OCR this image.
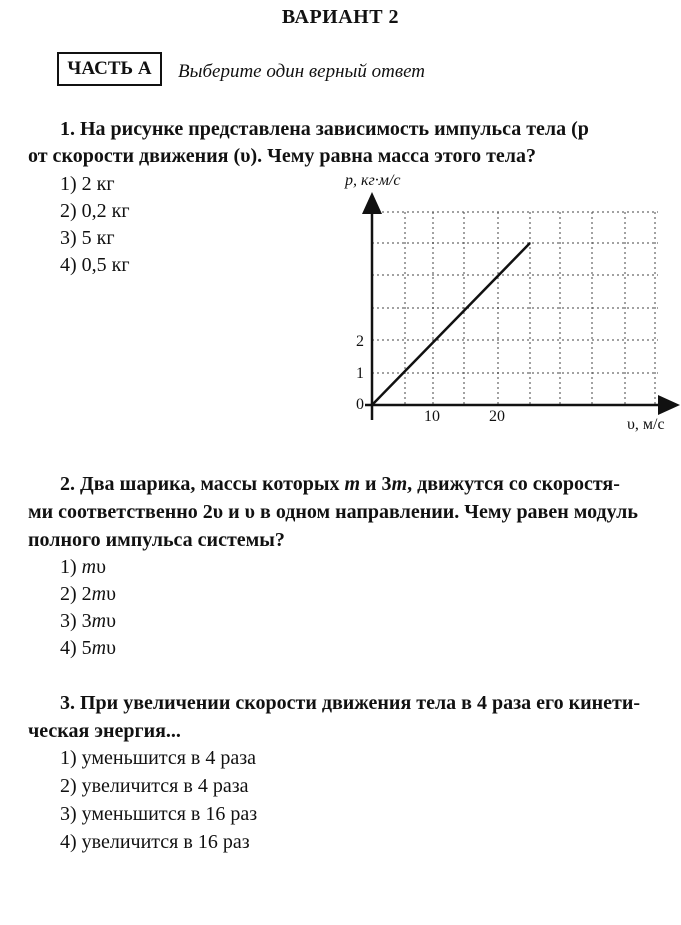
ВАРИАНТ 2
ЧАСТЬ А	Выберите один верный ответ
1. На рисунке представлена зависимость импульса тела (p
от скорости движения (υ). Чему равна масса этого тела?
1) 2 кг
2) 0,2 кг
3) 5 кг
4) 0,5 кг
p, кг·м/с
2
1
0
10	20	υ, м/с
2. Два шарика, массы которых m и 3m, движутся со скоростя-
ми соответственно 2υ и υ в одном направлении. Чему равен модуль
полного импульса системы?
1) mυ
2) 2mυ
3) 3mυ
4) 5mυ
3. При увеличении скорости движения тела в 4 раза его кинети-
ческая энергия...
1) уменьшится в 4 раза
2) увеличится в 4 раза
3) уменьшится в 16 раз
4) увеличится в 16 раз
